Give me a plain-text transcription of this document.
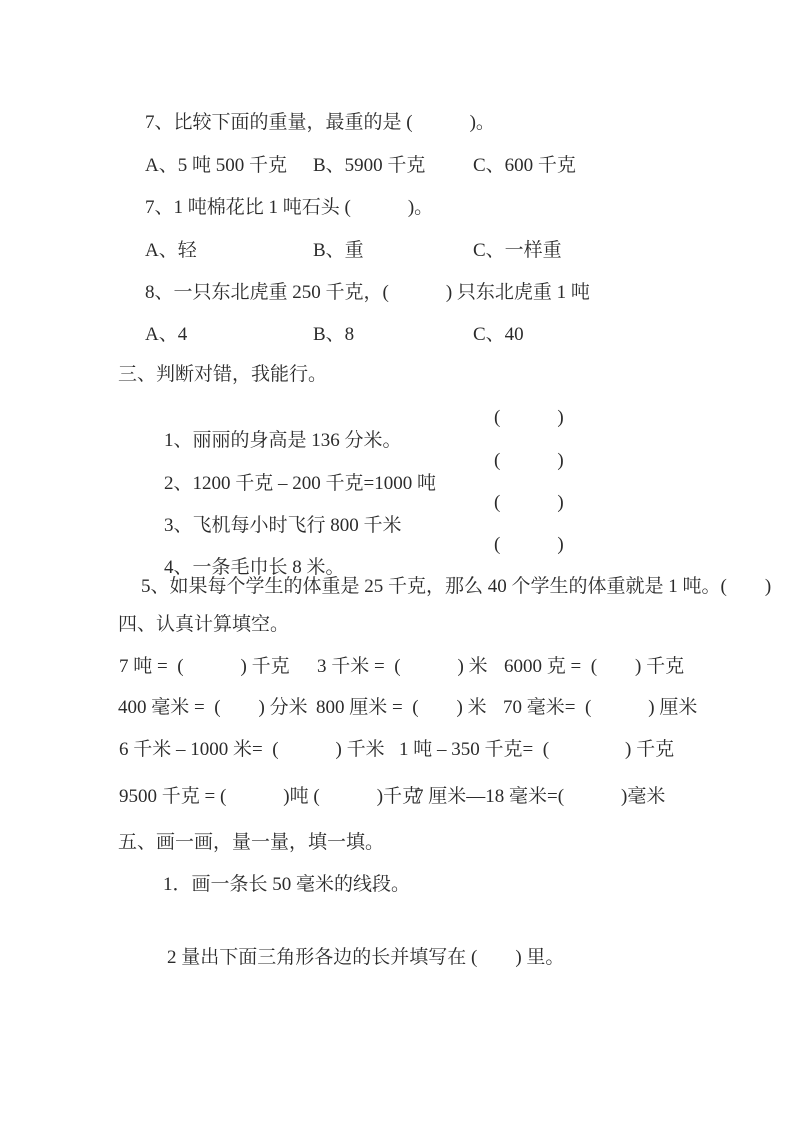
7、比较下面的重量，最重的是 (　　　)。

A、5 吨 500 千克

B、5900 千克

	C、600 千克

7、1 吨棉花比 1 吨石头 (　　　)。

A、轻

	B、重

	C、一样重

8、一只东北虎重 250 千克，(　　　) 只东北虎重 1 吨

A、4

	B、8

	C、40

三、判断对错，我能行。

1、丽丽的身高是 136 分米。

(　　　)

2、1200 千克 – 200 千克=1000 吨

(　　　)

3、飞机每小时飞行 800 千米

(　　　)

4、一条毛巾长 8 米。

(　　　)

5、如果每个学生的体重是 25 千克，那么 40 个学生的体重就是 1 吨。(　　)
四、认真计算填空。

7 吨 =  (　　　) 千克

3 千米 =  (　　　) 米

6000 克 =  (　　) 千克

400 毫米 =  (　　) 分米

800 厘米 =  (　　) 米

70 毫米=  (　　　) 厘米

6 千米 – 1000 米=  (　　　) 千米

1 吨 – 350 千克=  (　　　　) 千克

9500 千克 = (　　　)吨 (　　　)千克

7 厘米—18 毫米=(　　　)毫米

五、画一画，量一量，填一填。
1．画一条长 50 毫米的线段。
2 量出下面三角形各边的长并填写在 (　　) 里。
